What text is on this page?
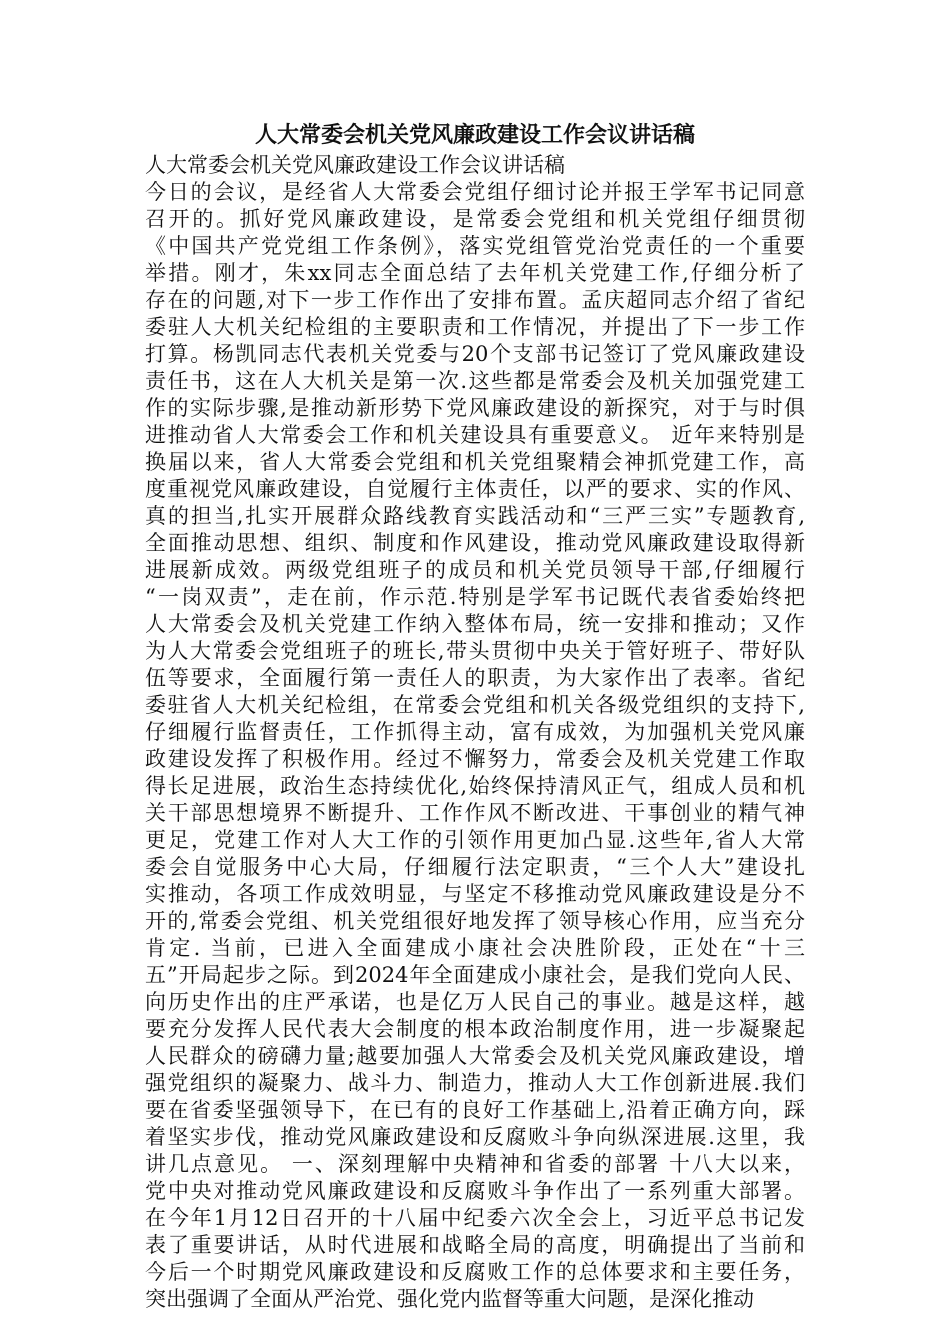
人大常委会机关党风廉政建设工作会议讲话稿

人大常委会机关党风廉政建设工作会议讲话稿

今日的会议，是经省人大常委会党组仔细讨论并报王学军书记同意

召开的。抓好党风廉政建设，是常委会党组和机关党组仔细贯彻

《中国共产党党组工作条例》，落实党组管党治党责任的一个重要

举措。刚才，朱xx同志全面总结了去年机关党建工作,仔细分析了

存在的问题,对下一步工作作出了安排布置。孟庆超同志介绍了省纪

委驻人大机关纪检组的主要职责和工作情况，并提出了下一步工作

打算。杨凯同志代表机关党委与20个支部书记签订了党风廉政建设

责任书，这在人大机关是第一次.这些都是常委会及机关加强党建工

作的实际步骤,是推动新形势下党风廉政建设的新探究，对于与时俱

进推动省人大常委会工作和机关建设具有重要意义。 近年来特别是

换届以来，省人大常委会党组和机关党组聚精会神抓党建工作，高

度重视党风廉政建设，自觉履行主体责任，以严的要求、实的作风、

真的担当,扎实开展群众路线教育实践活动和“三严三实”专题教育,

全面推动思想、组织、制度和作风建设，推动党风廉政建设取得新

进展新成效。两级党组班子的成员和机关党员领导干部,仔细履行

“一岗双责”，走在前，作示范.特别是学军书记既代表省委始终把

人大常委会及机关党建工作纳入整体布局，统一安排和推动；又作

为人大常委会党组班子的班长,带头贯彻中央关于管好班子、带好队

伍等要求，全面履行第一责任人的职责，为大家作出了表率。省纪

委驻省人大机关纪检组，在常委会党组和机关各级党组织的支持下,

仔细履行监督责任，工作抓得主动，富有成效，为加强机关党风廉

政建设发挥了积极作用。经过不懈努力，常委会及机关党建工作取

得长足进展，政治生态持续优化,始终保持清风正气，组成人员和机

关干部思想境界不断提升、工作作风不断改进、干事创业的精气神

更足，党建工作对人大工作的引领作用更加凸显.这些年,省人大常

委会自觉服务中心大局，仔细履行法定职责，“三个人大”建设扎

实推动，各项工作成效明显，与坚定不移推动党风廉政建设是分不

开的,常委会党组、机关党组很好地发挥了领导核心作用，应当充分

肯定. 当前，已进入全面建成小康社会决胜阶段，正处在“十三

五”开局起步之际。到2024年全面建成小康社会，是我们党向人民、

向历史作出的庄严承诺，也是亿万人民自己的事业。越是这样，越

要充分发挥人民代表大会制度的根本政治制度作用，进一步凝聚起

人民群众的磅礴力量;越要加强人大常委会及机关党风廉政建设，增

强党组织的凝聚力、战斗力、制造力，推动人大工作创新进展.我们

要在省委坚强领导下，在已有的良好工作基础上,沿着正确方向，踩

着坚实步伐，推动党风廉政建设和反腐败斗争向纵深进展.这里，我

讲几点意见。 一、深刻理解中央精神和省委的部署 十八大以来，

党中央对推动党风廉政建设和反腐败斗争作出了一系列重大部署。

在今年1月12日召开的十八届中纪委六次全会上，习近平总书记发

表了重要讲话，从时代进展和战略全局的高度，明确提出了当前和

今后一个时期党风廉政建设和反腐败工作的总体要求和主要任务，

突出强调了全面从严治党、强化党内监督等重大问题，是深化推动
